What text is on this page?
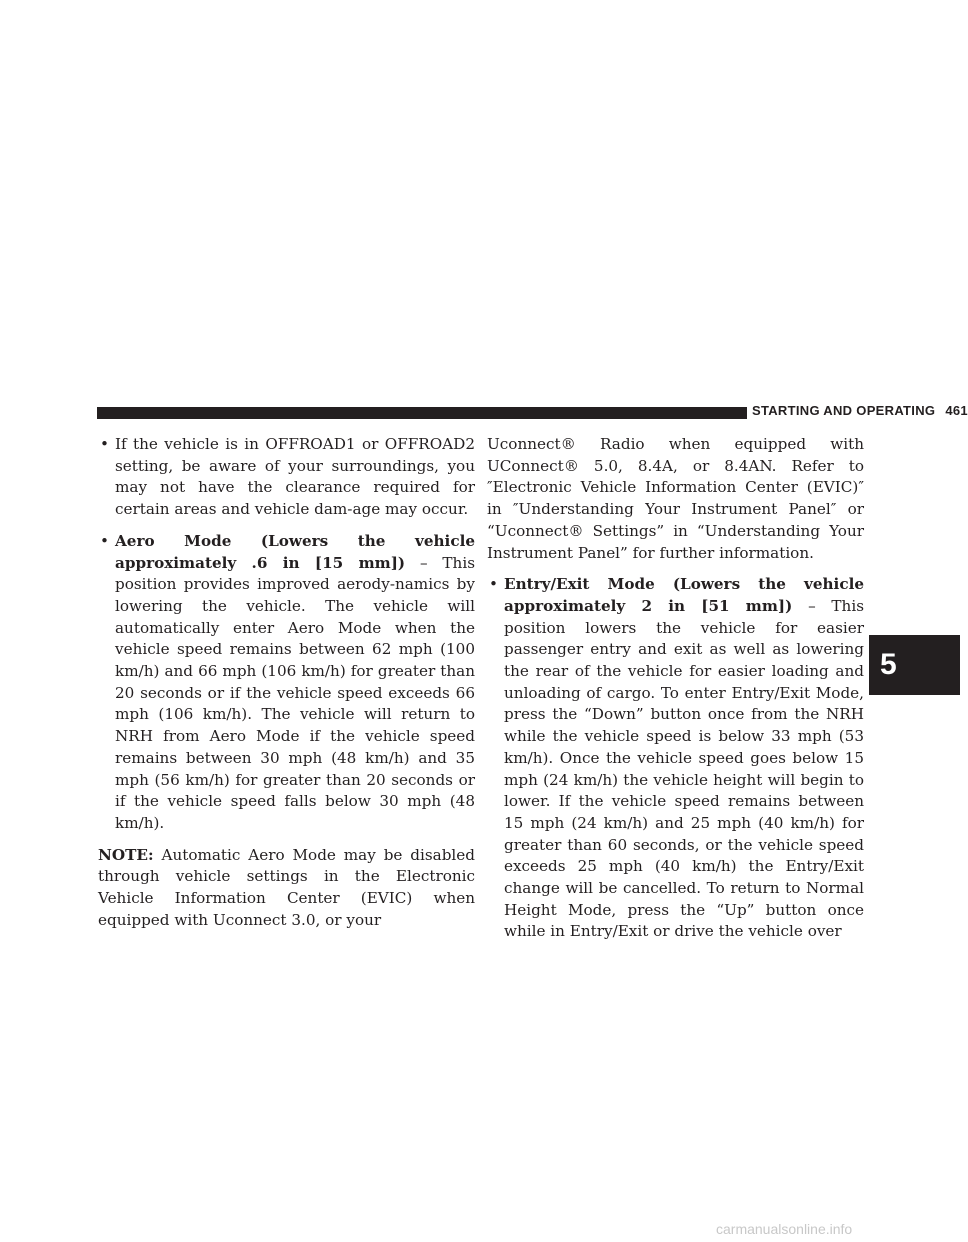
STARTING AND OPERATING 461

• If the vehicle is in OFFROAD1 or OFFROAD2 setting, be aware of your surroundings, you may not have the clearance required for certain areas and vehicle dam-age may occur.

• Aero Mode (Lowers the vehicle approximately .6 in [15 mm]) – This position provides improved aerody-namics by lowering the vehicle. The vehicle will automatically enter Aero Mode when the vehicle speed remains between 62 mph (100 km/h) and 66 mph (106 km/h) for greater than 20 seconds or if the vehicle speed exceeds 66 mph (106 km/h). The vehicle will return to NRH from Aero Mode if the vehicle speed remains between 30 mph (48 km/h) and 35 mph (56 km/h) for greater than 20 seconds or if the vehicle speed falls below 30 mph (48 km/h).

NOTE: Automatic Aero Mode may be disabled through vehicle settings in the Electronic Vehicle Information Center (EVIC) when equipped with Uconnect 3.0, or your

Uconnect® Radio when equipped with UConnect® 5.0, 8.4A, or 8.4AN. Refer to ″Electronic Vehicle Information Center (EVIC)″ in ″Understanding Your Instrument Panel″ or “Uconnect® Settings” in “Understanding Your Instrument Panel” for further information.

• Entry/Exit Mode (Lowers the vehicle approximately 2 in [51 mm]) – This position lowers the vehicle for easier passenger entry and exit as well as lowering the rear of the vehicle for easier loading and unloading of cargo. To enter Entry/Exit Mode, press the “Down” button once from the NRH while the vehicle speed is below 33 mph (53 km/h). Once the vehicle speed goes below 15 mph (24 km/h) the vehicle height will begin to lower. If the vehicle speed remains between 15 mph (24 km/h) and 25 mph (40 km/h) for greater than 60 seconds, or the vehicle speed exceeds 25 mph (40 km/h) the Entry/Exit change will be cancelled. To return to Normal Height Mode, press the “Up” button once while in Entry/Exit or drive the vehicle over

5
carmanualsonline.info
